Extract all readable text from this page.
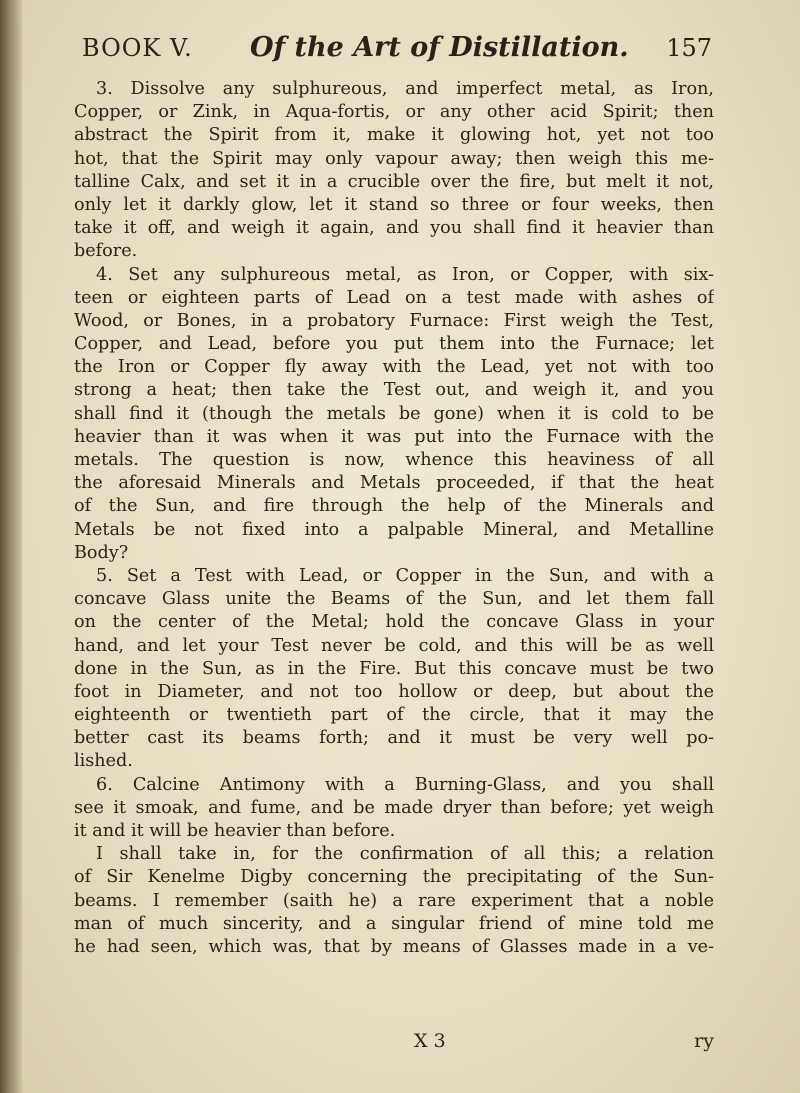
BOOK V. Of the Art of Distillation. 157
3. Dissolve any sulphureous, and imperfect metal, as Iron,
Copper, or Zink, in Aqua-fortis, or any other acid Spirit; then
abstract the Spirit from it, make it glowing hot, yet not too
hot, that the Spirit may only vapour away; then weigh this me-
talline Calx, and set it in a crucible over the fire, but melt it not,
only let it darkly glow, let it stand so three or four weeks, then
take it off, and weigh it again, and you shall find it heavier than
before.
4. Set any sulphureous metal, as Iron, or Copper, with six-
teen or eighteen parts of Lead on a test made with ashes of
Wood, or Bones, in a probatory Furnace: First weigh the Test,
Copper, and Lead, before you put them into the Furnace; let
the Iron or Copper fly away with the Lead, yet not with too
strong a heat; then take the Test out, and weigh it, and you
shall find it (though the metals be gone) when it is cold to be
heavier than it was when it was put into the Furnace with the
metals. The question is now, whence this heaviness of all
the aforesaid Minerals and Metals proceeded, if that the heat
of the Sun, and fire through the help of the Minerals and
Metals be not fixed into a palpable Mineral, and Metalline
Body?
5. Set a Test with Lead, or Copper in the Sun, and with a
concave Glass unite the Beams of the Sun, and let them fall
on the center of the Metal; hold the concave Glass in your
hand, and let your Test never be cold, and this will be as well
done in the Sun, as in the Fire. But this concave must be two
foot in Diameter, and not too hollow or deep, but about the
eighteenth or twentieth part of the circle, that it may the
better cast its beams forth; and it must be very well po-
lished.
6. Calcine Antimony with a Burning-Glass, and you shall
see it smoak, and fume, and be made dryer than before; yet weigh
it and it will be heavier than before.
I shall take in, for the confirmation of all this; a relation
of Sir Kenelme Digby concerning the precipitating of the Sun-
beams. I remember (saith he) a rare experiment that a noble
man of much sincerity, and a singular friend of mine told me
he had seen, which was, that by means of Glasses made in a ve-
X 3	ry
